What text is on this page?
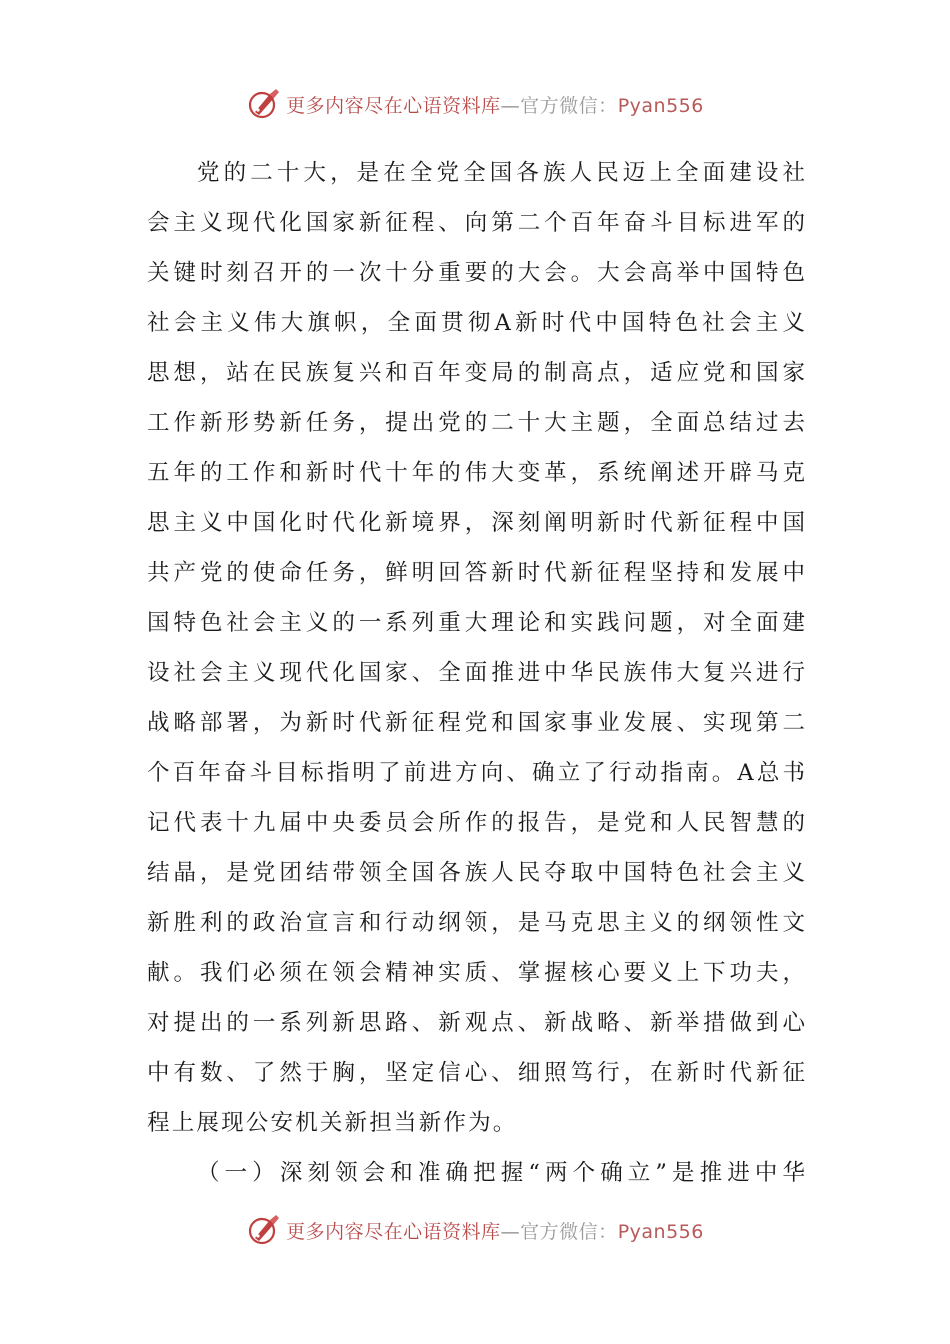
更多内容尽在心语资料库—官方微信：Pyan556
党的二十大，是在全党全国各族人民迈上全面建设社
会主义现代化国家新征程、向第二个百年奋斗目标进军的
关键时刻召开的一次十分重要的大会。大会高举中国特色
社会主义伟大旗帜，全面贯彻A新时代中国特色社会主义
思想，站在民族复兴和百年变局的制高点，适应党和国家
工作新形势新任务，提出党的二十大主题，全面总结过去
五年的工作和新时代十年的伟大变革，系统阐述开辟马克
思主义中国化时代化新境界，深刻阐明新时代新征程中国
共产党的使命任务，鲜明回答新时代新征程坚持和发展中
国特色社会主义的一系列重大理论和实践问题，对全面建
设社会主义现代化国家、全面推进中华民族伟大复兴进行
战略部署，为新时代新征程党和国家事业发展、实现第二
个百年奋斗目标指明了前进方向、确立了行动指南。A总书
记代表十九届中央委员会所作的报告，是党和人民智慧的
结晶，是党团结带领全国各族人民夺取中国特色社会主义
新胜利的政治宣言和行动纲领，是马克思主义的纲领性文
献。我们必须在领会精神实质、掌握核心要义上下功夫，
对提出的一系列新思路、新观点、新战略、新举措做到心
中有数、了然于胸，坚定信心、细照笃行，在新时代新征
程上展现公安机关新担当新作为。
（一）深刻领会和准确把握“两个确立”是推进中华
更多内容尽在心语资料库—官方微信：Pyan556
